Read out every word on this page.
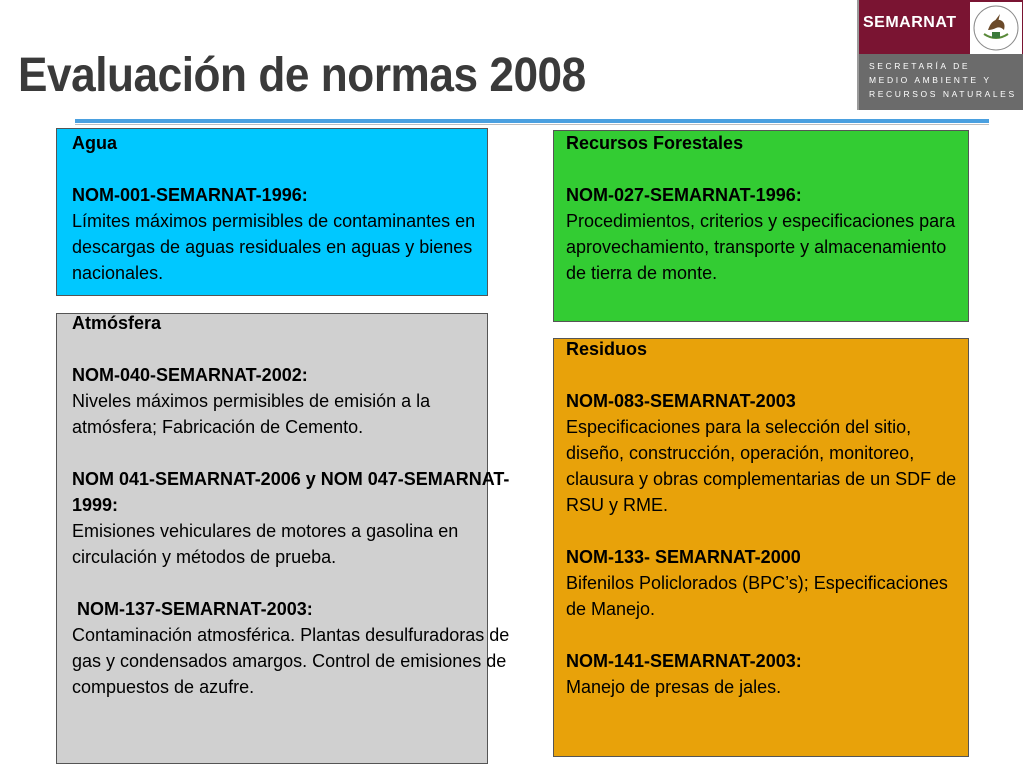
Evaluación de normas 2008
SEMARNAT
SECRETARÍA DE
MEDIO AMBIENTE Y
RECURSOS NATURALES

Agua

NOM-001-SEMARNAT-1996:

Límites máximos permisibles de contaminantes en descargas de aguas residuales en aguas y bienes nacionales.

Atmósfera

NOM-040-SEMARNAT-2002:

Niveles máximos permisibles de emisión a la atmósfera; Fabricación de Cemento.

NOM 041-SEMARNAT-2006 y NOM 047-SEMARNAT-1999:

Emisiones vehiculares de motores a gasolina en circulación y métodos de prueba.

NOM-137-SEMARNAT-2003:

Contaminación atmosférica. Plantas desulfuradoras de gas y condensados amargos. Control de emisiones de compuestos de azufre.

Recursos Forestales

NOM-027-SEMARNAT-1996:

Procedimientos, criterios y especificaciones para aprovechamiento, transporte y almacenamiento de tierra de monte.

Residuos

NOM-083-SEMARNAT-2003

Especificaciones para la selección del sitio, diseño, construcción, operación, monitoreo, clausura y obras complementarias de un SDF de RSU y RME.

NOM-133- SEMARNAT-2000

Bifenilos Policlorados (BPC’s); Especificaciones de Manejo.

NOM-141-SEMARNAT-2003:

Manejo de presas de jales.
